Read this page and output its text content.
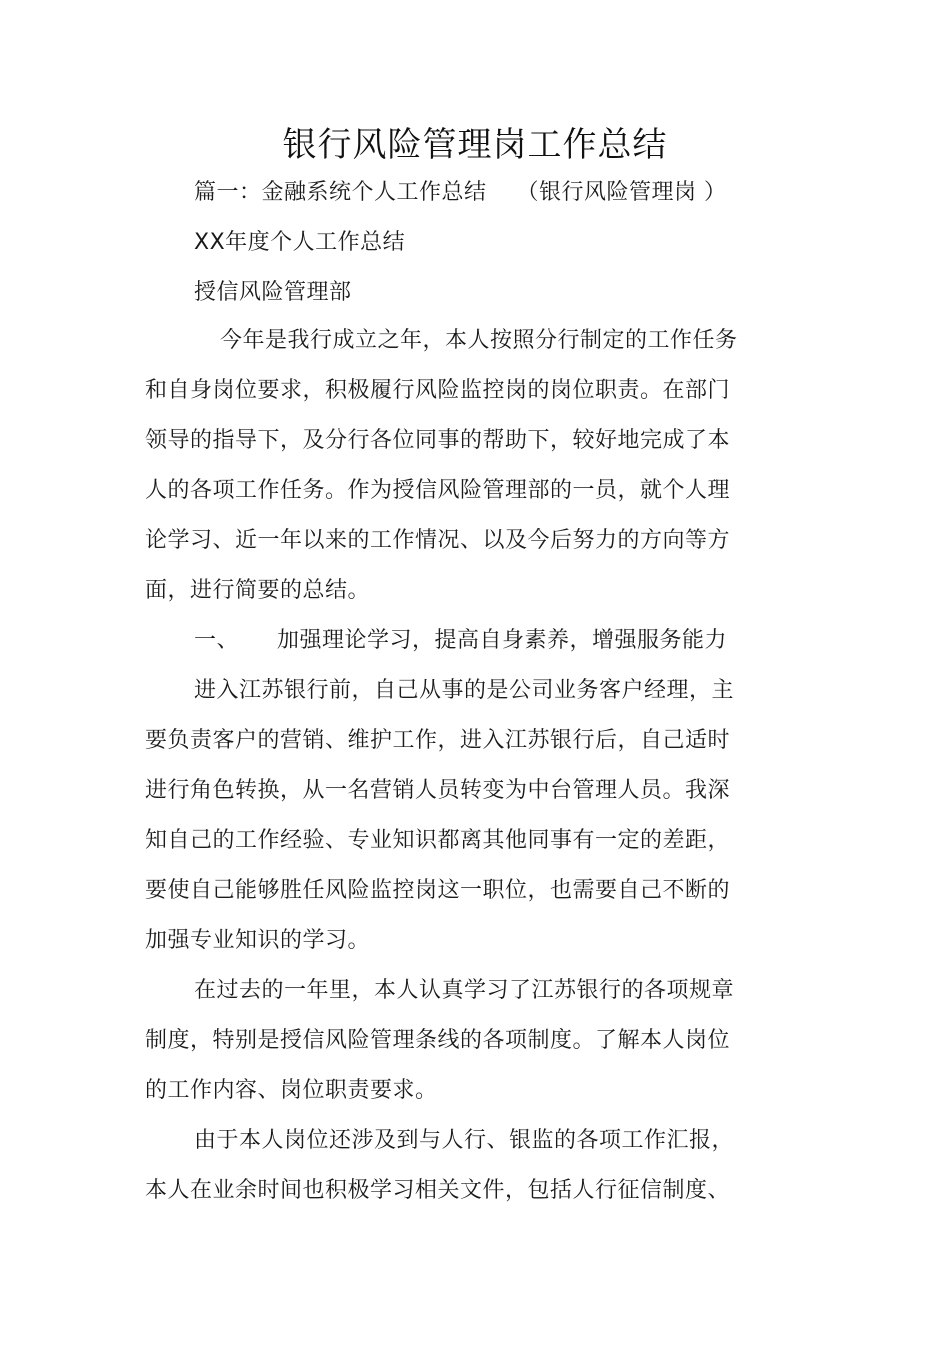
银行风险管理岗工作总结
篇一：金融系统个人工作总结 （银行风险管理岗 ）
XX年度个人工作总结
授信风险管理部
今年是我行成立之年，本人按照分行制定的工作任务
和自身岗位要求，积极履行风险监控岗的岗位职责。在部门
领导的指导下，及分行各位同事的帮助下，较好地完成了本
人的各项工作任务。作为授信风险管理部的一员，就个人理
论学习、近一年以来的工作情况、以及今后努力的方向等方
面，进行简要的总结。
一、 加强理论学习，提高自身素养，增强服务能力
进入江苏银行前，自己从事的是公司业务客户经理，主
要负责客户的营销、维护工作，进入江苏银行后，自己适时
进行角色转换，从一名营销人员转变为中台管理人员。我深
知自己的工作经验、专业知识都离其他同事有一定的差距，
要使自己能够胜任风险监控岗这一职位，也需要自己不断的
加强专业知识的学习。
在过去的一年里，本人认真学习了江苏银行的各项规章
制度，特别是授信风险管理条线的各项制度。了解本人岗位
的工作内容、岗位职责要求。
由于本人岗位还涉及到与人行、银监的各项工作汇报，
本人在业余时间也积极学习相关文件，包括人行征信制度、
